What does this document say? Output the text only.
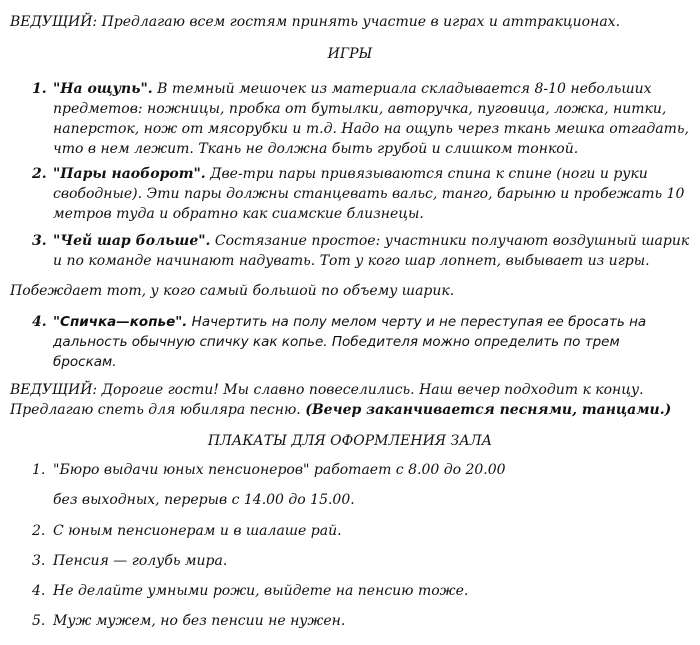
ВЕДУЩИЙ: Предлагаю всем гостям принять участие в играх и аттракционах.
ИГРЫ
1. "На ощупь". В темный мешочек из материала складывается 8-10 небольших
предметов: ножницы, пробка от бутылки, авторучка, пуговица, ложка, нитки,
наперсток, нож от мясорубки и т.д. Надо на ощупь через ткань мешка отгадать,
что в нем лежит. Ткань не должна быть грубой и слишком тонкой.
2. "Пары наоборот". Две-три пары привязываются спина к спине (ноги и руки
свободные). Эти пары должны станцевать вальс, танго, барыню и пробежать 10
метров туда и обратно как сиамские близнецы.
3. "Чей шар больше". Состязание простое: участники получают воздушный шарик
и по команде начинают надувать. Тот у кого шар лопнет, выбывает из игры.
Побеждает тот, у кого самый большой по объему шарик.
4. "Спичка—копье". Начертить на полу мелом черту и не переступая ее бросать на
дальность обычную спичку как копье. Победителя можно определить по трем
броскам.
ВЕДУЩИЙ: Дорогие гости! Мы славно повеселились. Наш вечер подходит к концу.
Предлагаю спеть для юбиляра песню. (Вечер заканчивается песнями, танцами.)
ПЛАКАТЫ ДЛЯ ОФОРМЛЕНИЯ ЗАЛА
1. "Бюро выдачи юных пенсионеров" работает с 8.00 до 20.00
без выходных, перерыв с 14.00 до 15.00.
2. С юным пенсионерам и в шалаше рай.
3. Пенсия — голубь мира.
4. Не делайте умными рожи, выйдете на пенсию тоже.
5. Муж мужем, но без пенсии не нужен.
